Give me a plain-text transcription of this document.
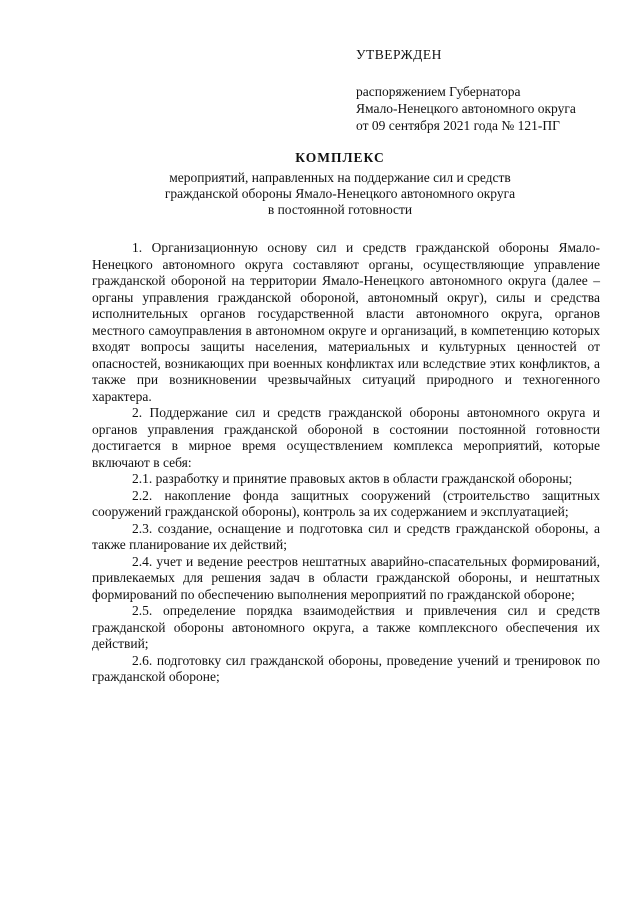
УТВЕРЖДЕН
распоряжением Губернатора
Ямало-Ненецкого автономного округа
от 09 сентября 2021 года № 121-ПГ
КОМПЛЕКС
мероприятий, направленных на поддержание сил и средств
гражданской обороны Ямало-Ненецкого автономного округа
в постоянной готовности

1. Организационную основу сил и средств гражданской обороны Ямало-Ненецкого автономного округа составляют органы, осуществляющие управление гражданской обороной на территории Ямало-Ненецкого автономного округа (далее – органы управления гражданской обороной, автономный округ), силы и средства исполнительных органов государственной власти автономного округа, органов местного самоуправления в автономном округе и организаций, в компетенцию которых входят вопросы защиты населения, материальных и культурных ценностей от опасностей, возникающих при военных конфликтах или вследствие этих конфликтов, а также при возникновении чрезвычайных ситуаций природного и техногенного характера.

2. Поддержание сил и средств гражданской обороны автономного округа и органов управления гражданской обороной в состоянии постоянной готовности достигается в мирное время осуществлением комплекса мероприятий, которые включают в себя:

2.1. разработку и принятие правовых актов в области гражданской обороны;

2.2. накопление фонда защитных сооружений (строительство защитных сооружений гражданской обороны), контроль за их содержанием и эксплуатацией;

2.3. создание, оснащение и подготовка сил и средств гражданской обороны, а также планирование их действий;

2.4. учет и ведение реестров нештатных аварийно-спасательных формирований, привлекаемых для решения задач в области гражданской обороны, и нештатных формирований по обеспечению выполнения мероприятий по гражданской обороне;

2.5. определение порядка взаимодействия и привлечения сил и средств гражданской обороны автономного округа, а также комплексного обеспечения их действий;

2.6. подготовку сил гражданской обороны, проведение учений и тренировок по гражданской обороне;
